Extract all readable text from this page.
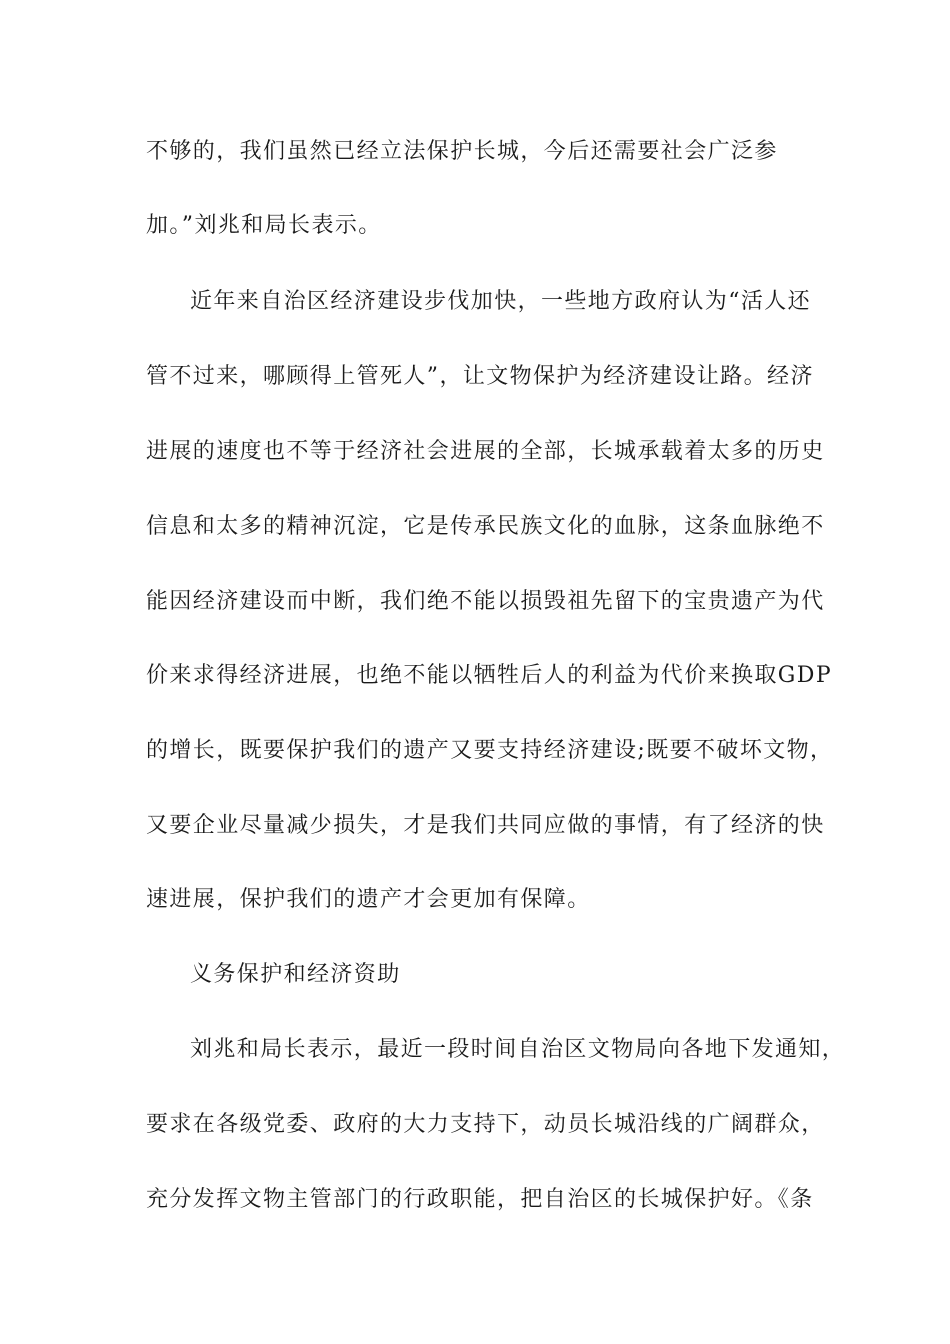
不够的，我们虽然已经立法保护长城，今后还需要社会广泛参
加。”刘兆和局长表示。
近年来自治区经济建设步伐加快，一些地方政府认为“活人还
管不过来，哪顾得上管死人”，让文物保护为经济建设让路。经济
进展的速度也不等于经济社会进展的全部，长城承载着太多的历史
信息和太多的精神沉淀，它是传承民族文化的血脉，这条血脉绝不
能因经济建设而中断，我们绝不能以损毁祖先留下的宝贵遗产为代
价来求得经济进展，也绝不能以牺牲后人的利益为代价来换取GDP
的增长，既要保护我们的遗产又要支持经济建设;既要不破坏文物，
又要企业尽量减少损失，才是我们共同应做的事情，有了经济的快
速进展，保护我们的遗产才会更加有保障。
义务保护和经济资助
刘兆和局长表示，最近一段时间自治区文物局向各地下发通知，
要求在各级党委、政府的大力支持下，动员长城沿线的广阔群众，
充分发挥文物主管部门的行政职能，把自治区的长城保护好。《条
